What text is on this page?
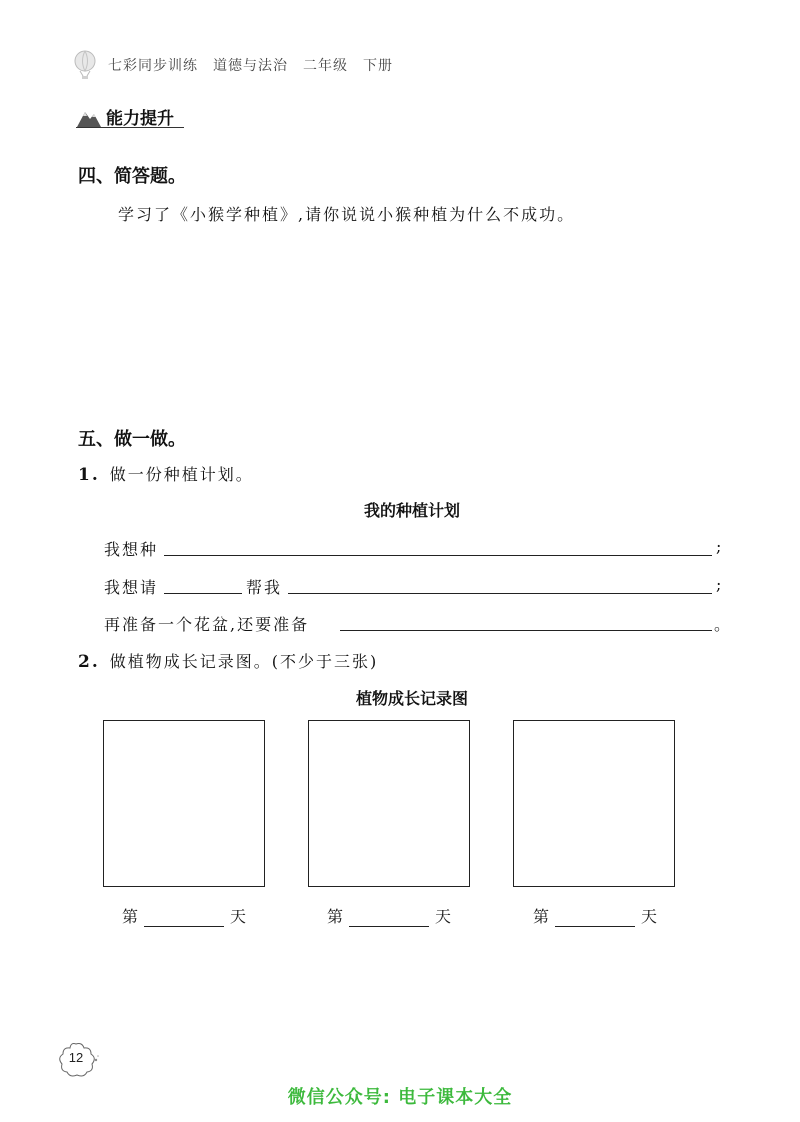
七彩同步训练　道德与法治　二年级　下册
能力提升
四、简答题。
学习了《小猴学种植》,请你说说小猴种植为什么不成功。
五、做一做。
1. 做一份种植计划。
我的种植计划
我想种	;
我想请	帮我	;
再准备一个花盆,还要准备	。
2. 做植物成长记录图。(不少于三张)
植物成长记录图
第	天	第	天	第	天
12
微信公众号: 电子课本大全
